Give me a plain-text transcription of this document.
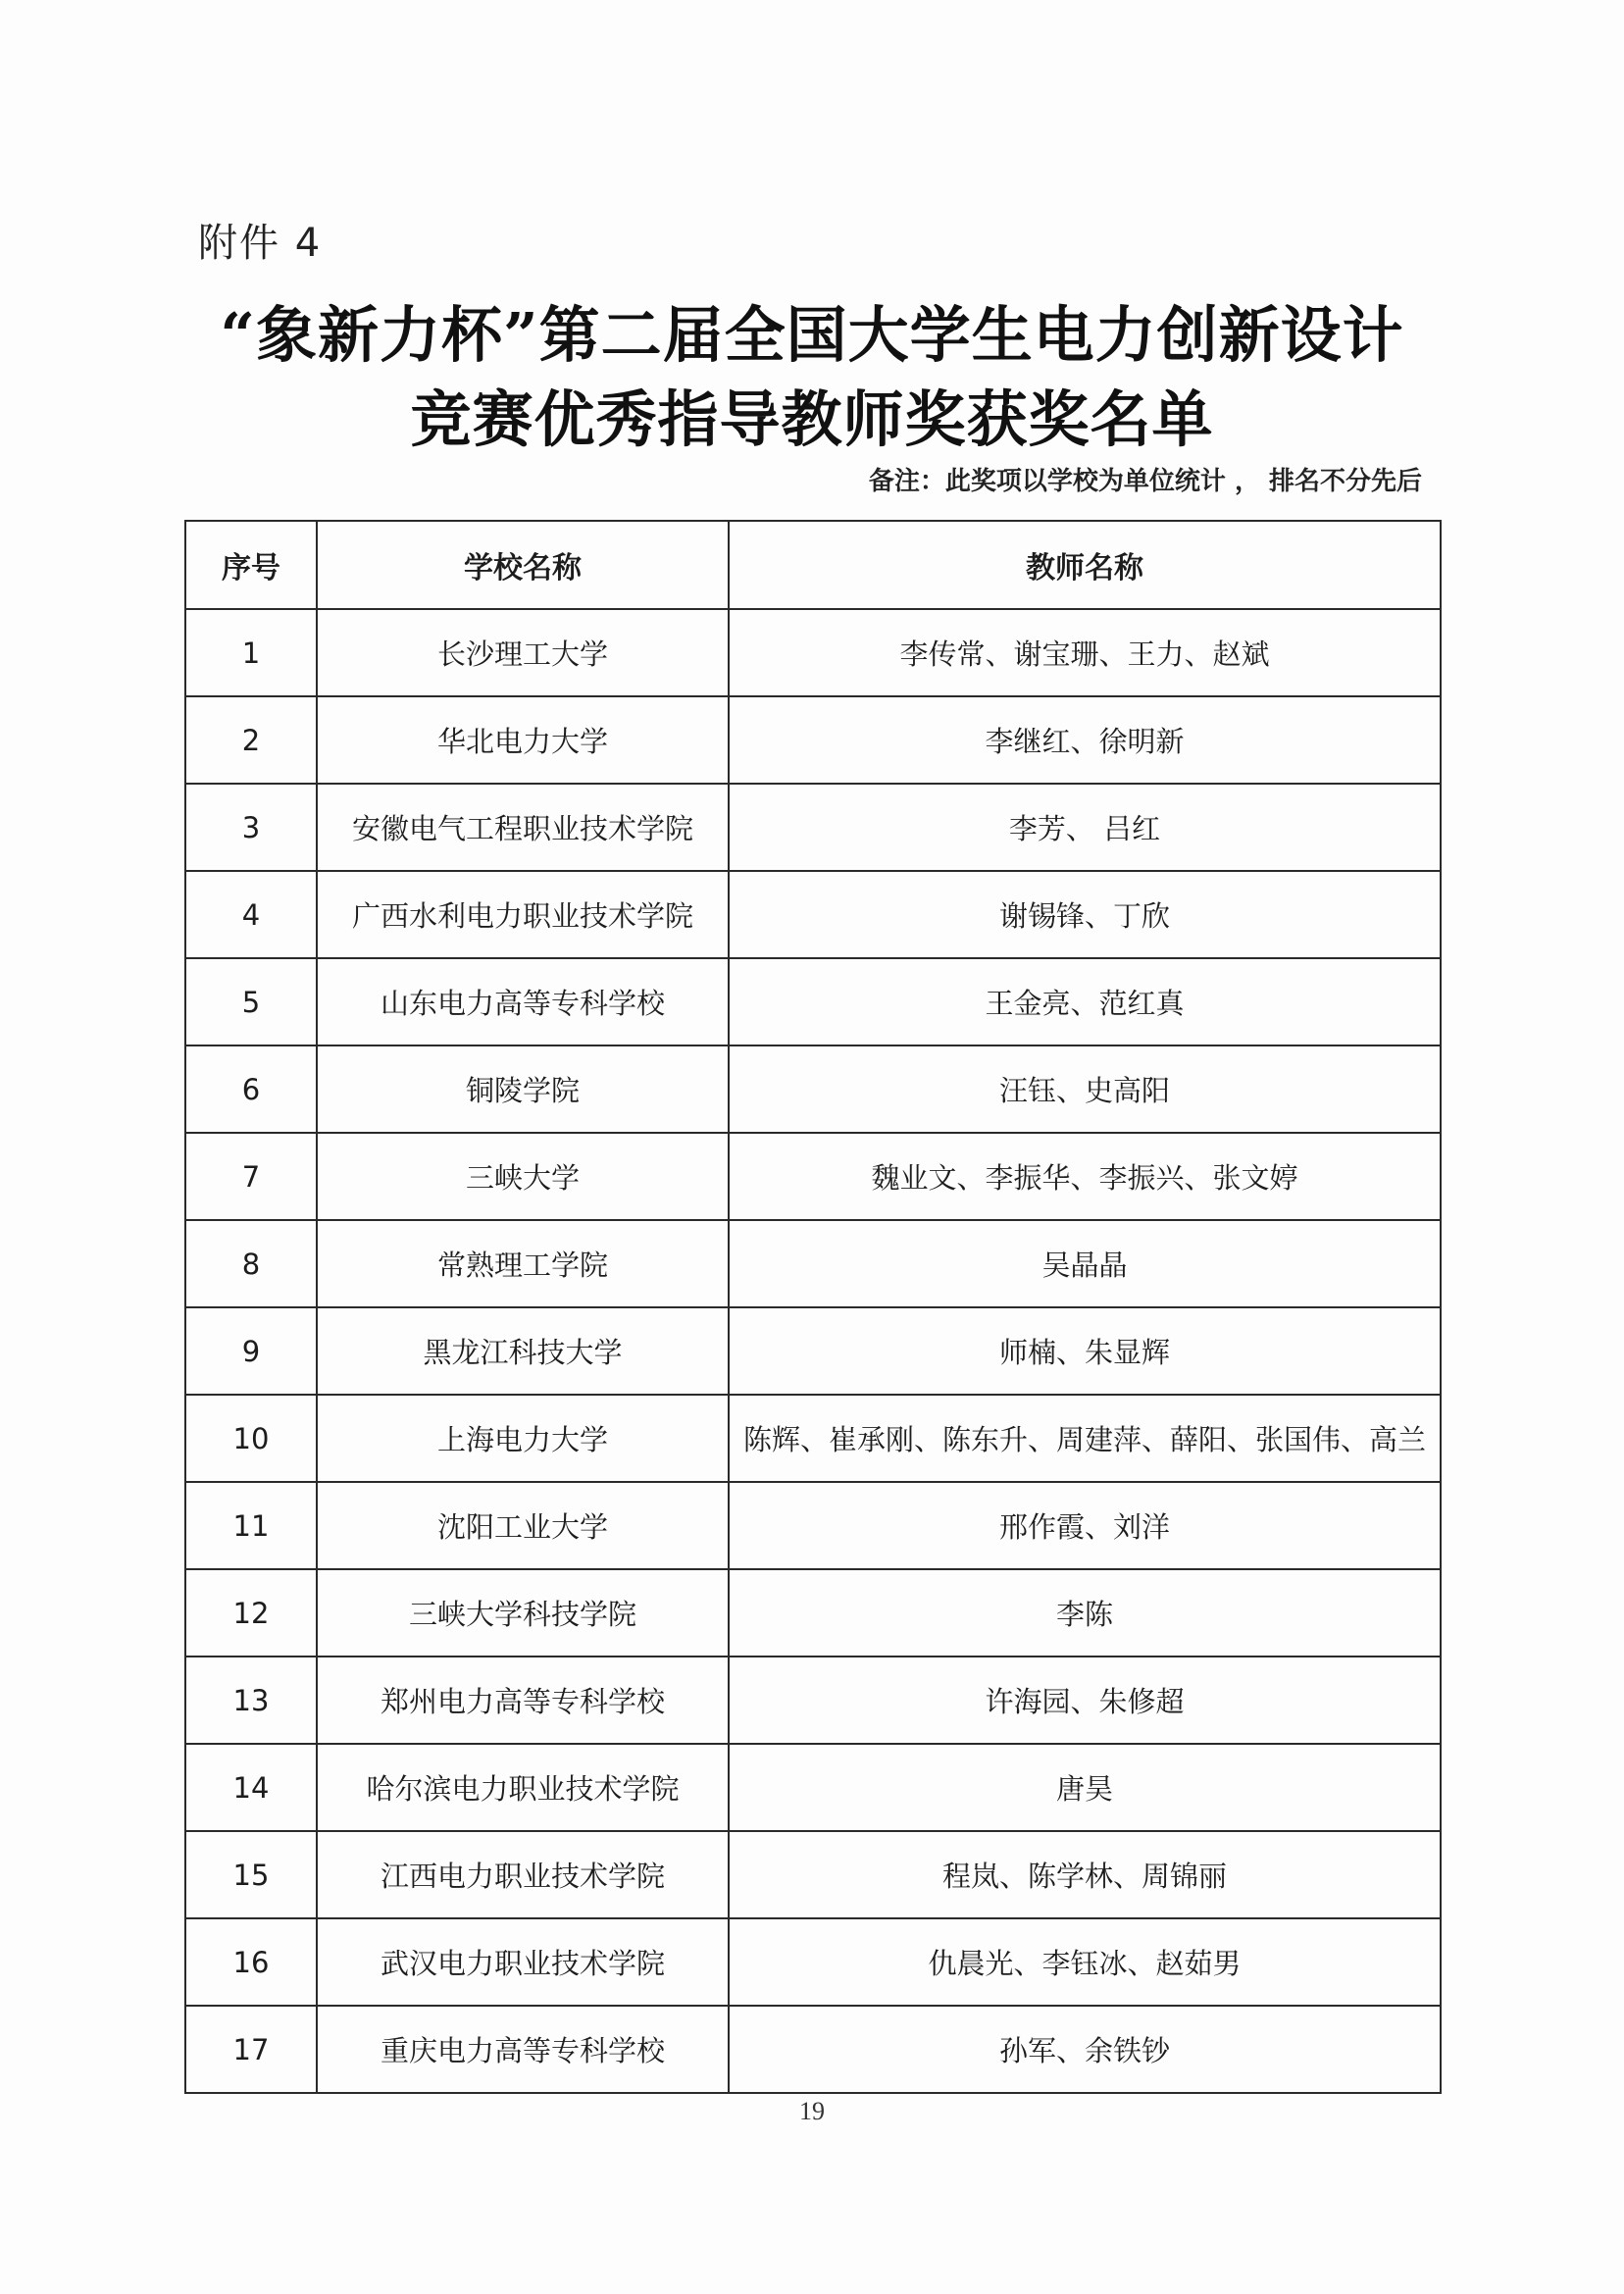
附件 4
“象新力杯”第二届全国大学生电力创新设计
竞赛优秀指导教师奖获奖名单
备注：此奖项以学校为单位统计 ， 排名不分先后
序号	学校名称	教师名称
1	长沙理工大学	李传常、谢宝珊、王力、赵斌
2	华北电力大学	李继红、徐明新
3	安徽电气工程职业技术学院	李芳、 吕红
4	广西水利电力职业技术学院	谢锡锋、丁欣
5	山东电力高等专科学校	王金亮、范红真
6	铜陵学院	汪钰、史高阳
7	三峡大学	魏业文、李振华、李振兴、张文婷
8	常熟理工学院	吴晶晶
9	黑龙江科技大学	师楠、朱显辉
10	上海电力大学	陈辉、崔承刚、陈东升、周建萍、薛阳、张国伟、高兰
11	沈阳工业大学	邢作霞、刘洋
12	三峡大学科技学院	李陈
13	郑州电力高等专科学校	许海园、朱修超
14	哈尔滨电力职业技术学院	唐昊
15	江西电力职业技术学院	程岚、陈学林、周锦丽
16	武汉电力职业技术学院	仇晨光、李钰冰、赵茹男
17	重庆电力高等专科学校	孙军、余铁钞
19
